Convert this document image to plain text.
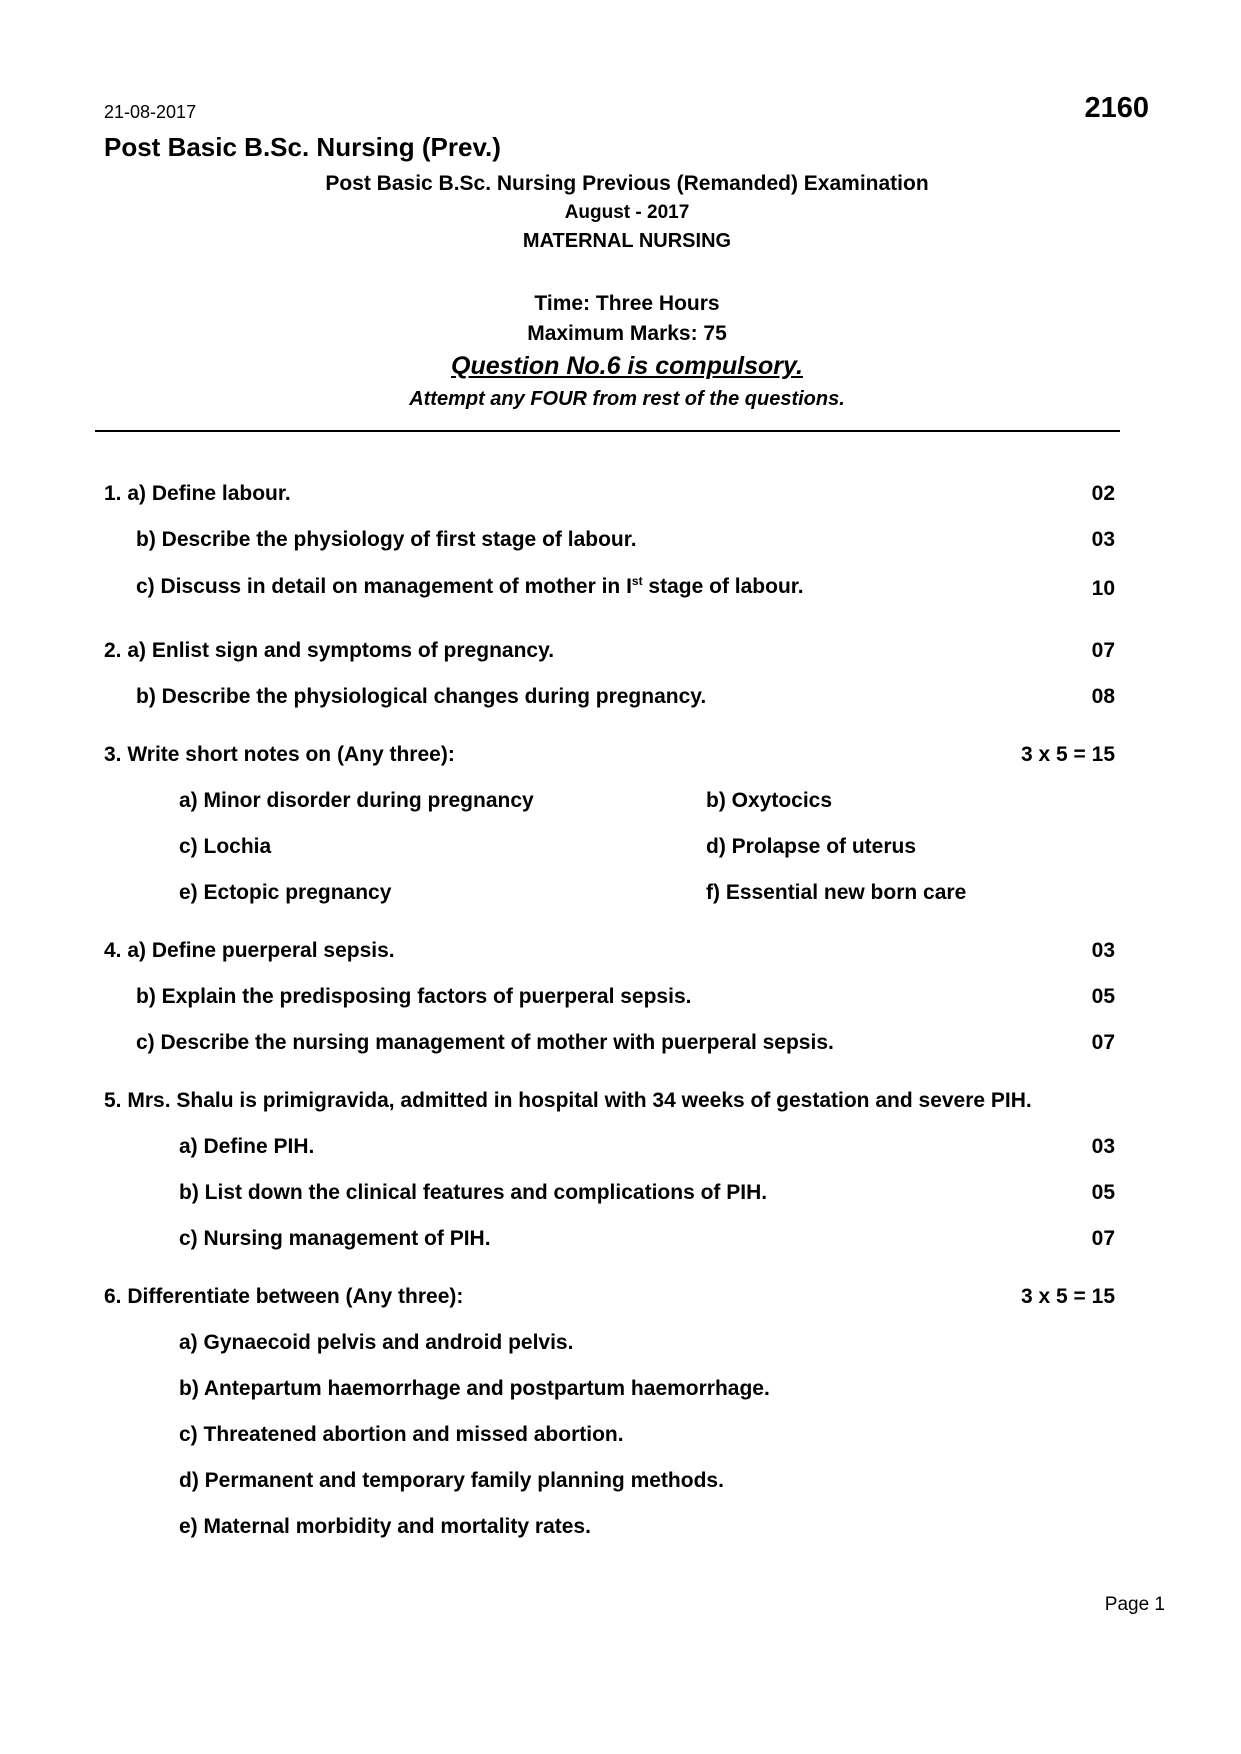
21-08-2017	2160
Post Basic B.Sc. Nursing (Prev.)
Post Basic B.Sc. Nursing Previous (Remanded) Examination
August - 2017
MATERNAL NURSING
Time: Three Hours
Maximum Marks: 75
Question No.6 is compulsory.
Attempt any FOUR from rest of the questions.
1. a) Define labour.	02
b) Describe the physiology of first stage of labour.	03
c) Discuss in detail on management of mother in Ist stage of labour.	10
2. a) Enlist sign and symptoms of pregnancy.	07
b) Describe the physiological changes during pregnancy.	08
3. Write short notes on (Any three):	3 x 5 = 15
a) Minor disorder during pregnancy	b) Oxytocics
c) Lochia	d) Prolapse of uterus
e) Ectopic pregnancy	f) Essential new born care
4. a) Define puerperal sepsis.	03
b) Explain the predisposing factors of puerperal sepsis.	05
c) Describe the nursing management of mother with puerperal sepsis.	07
5. Mrs. Shalu is primigravida, admitted in hospital with 34 weeks of gestation and severe PIH.
a) Define PIH.	03
b) List down the clinical features and complications of PIH.	05
c) Nursing management of PIH.	07
6. Differentiate between (Any three):	3 x 5 = 15
a) Gynaecoid pelvis and android pelvis.
b) Antepartum haemorrhage and postpartum haemorrhage.
c) Threatened abortion and missed abortion.
d) Permanent and temporary family planning methods.
e) Maternal morbidity and mortality rates.
Page 1
